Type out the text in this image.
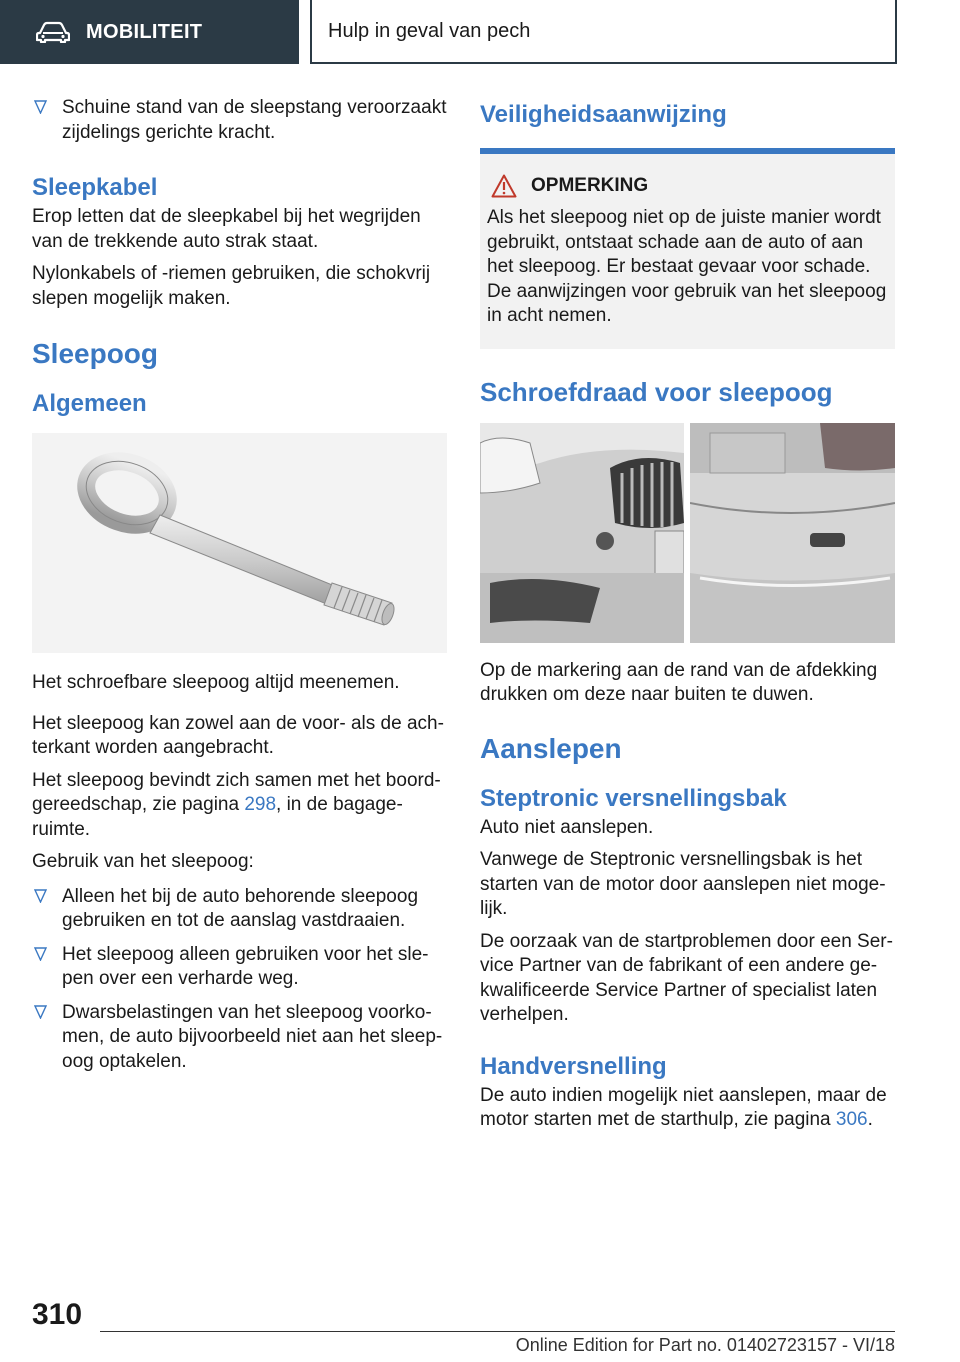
MOBILITEIT	Hulp in geval van pech
Schuine stand van de sleepstang veroorzaakt zijdelings gerichte kracht.
Sleepkabel

Erop letten dat de sleepkabel bij het wegrijden van de trekkende auto strak staat.

Nylonkabels of -riemen gebruiken, die schokvrij slepen mogelijk maken.

Sleepoog
Algemeen

Het schroefbare sleepoog altijd meenemen.

Het sleepoog kan zowel aan de voor- als de ach-terkant worden aangebracht.

Het sleepoog bevindt zich samen met het boord-gereedschap, zie pagina 298, in de bagage-ruimte.

Gebruik van het sleepoog:

Alleen het bij de auto behorende sleepoog gebruiken en tot de aanslag vastdraaien.
Het sleepoog alleen gebruiken voor het sle-pen over een verharde weg.
Dwarsbelastingen van het sleepoog voorko-men, de auto bijvoorbeeld niet aan het sleep-oog optakelen.
Veiligheidsaanwijzing
OPMERKING

Als het sleepoog niet op de juiste manier wordt gebruikt, ontstaat schade aan de auto of aan het sleepoog. Er bestaat gevaar voor schade. De aanwijzingen voor gebruik van het sleepoog in acht nemen.

Schroefdraad voor sleepoog

Op de markering aan de rand van de afdekking drukken om deze naar buiten te duwen.

Aanslepen
Steptronic versnellingsbak

Auto niet aanslepen.

Vanwege de Steptronic versnellingsbak is het starten van de motor door aanslepen niet moge-lijk.

De oorzaak van de startproblemen door een Ser-vice Partner van de fabrikant of een andere ge-kwalificeerde Service Partner of specialist laten verhelpen.

Handversnelling

De auto indien mogelijk niet aanslepen, maar de motor starten met de starthulp, zie pagina 306.

310
Online Edition for Part no. 01402723157 - VI/18
